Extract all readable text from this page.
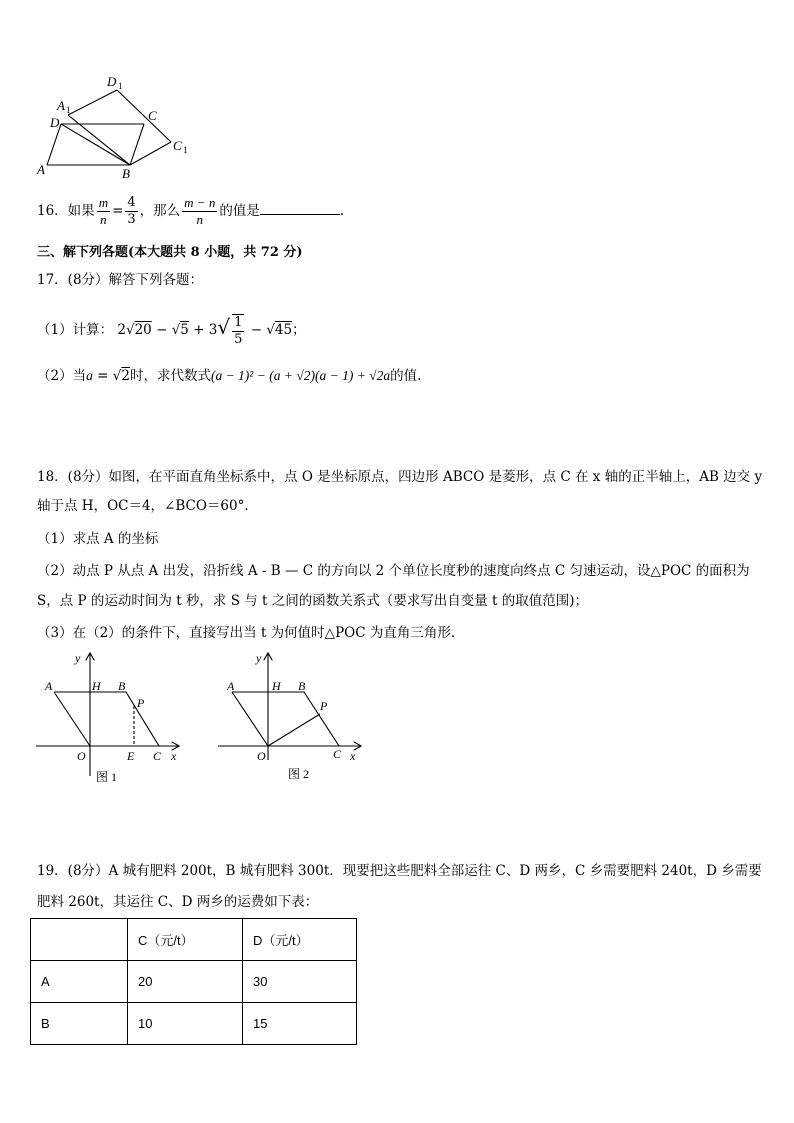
D 1
A 1
D	C
C 1
A	B
16．如果 $\frac{m}{n} = \frac{4}{3}$ ，那么 $\frac{m - n}{n}$ 的值是	.
三、解下列各题(本大题共 8 小题，共 72 分)
17．(8分）解答下列各题：
（1）计算： $2√20 - √5 + 3√ \frac{1}{5} - √45$；
（2）当a = √2时，求代数式(a − 1)² − (a + √2)(a − 1) + √2a的值.
18．(8分）如图，在平面直角坐标系中，点 O 是坐标原点，四边形 ABCO 是菱形，点 C 在 x 轴的正半轴上，AB 边交 y
轴于点 H，OC＝4，∠BCO＝60°.
（1）求点 A 的坐标
（2）动点 P 从点 A 出发，沿折线 A - B — C 的方向以 2 个单位长度秒的速度向终点 C 匀速运动，设△POC 的面积为
S，点 P 的运动时间为 t 秒，求 S 与 t 之间的函数关系式（要求写出自变量 t 的取值范围)；
（3）在（2）的条件下，直接写出当 t 为何值时△POC 为直角三角形．
y
A	H B
P
O	E C x
图 1
y
A	H B
P
O	C x
图 2
19．(8分）A 城有肥料 200t，B 城有肥料 300t．现要把这些肥料全部运往 C、D 两乡，C 乡需要肥料 240t，D 乡需要
肥料 260t，其运往 C、D 两乡的运费如下表：
	C（元/t）	D（元/t）
A	20	30
B	10	15
